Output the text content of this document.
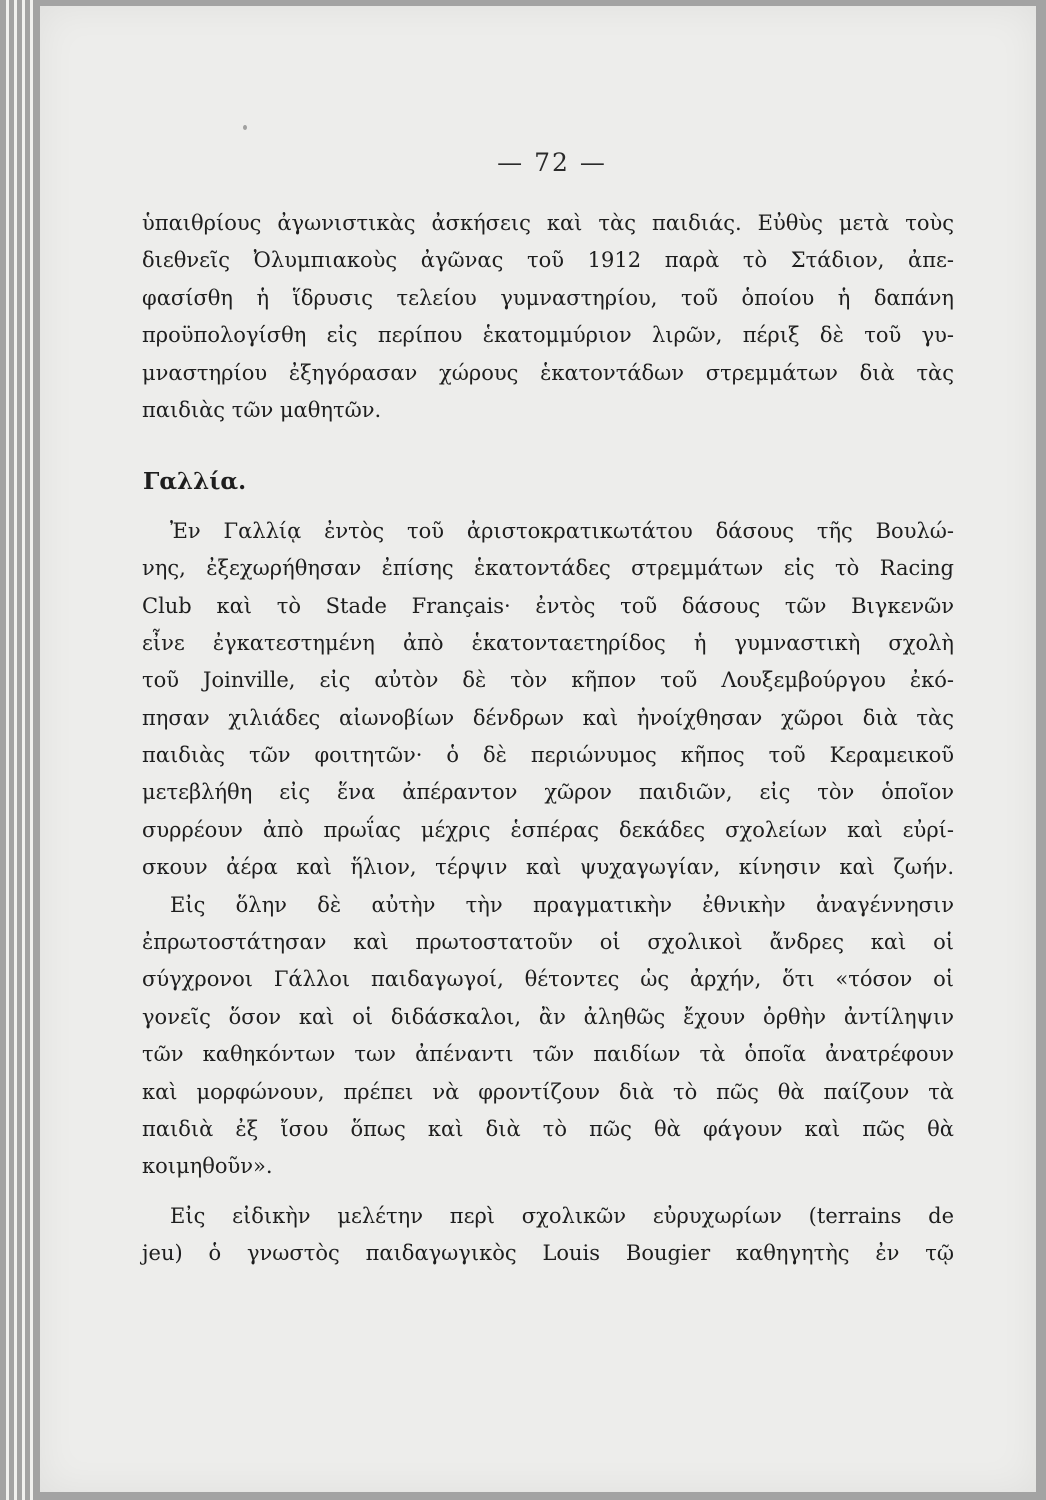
— 72 —
ὑπαιθρίους ἀγωνιστικὰς ἀσκήσεις καὶ τὰς παιδιάς. Εὐθὺς μετὰ τοὺς
διεθνεῖς Ὀλυμπιακοὺς ἀγῶνας τοῦ 1912 παρὰ τὸ Στάδιον, ἀπε-
φασίσθη ἡ ἵδρυσις τελείου γυμναστηρίου, τοῦ ὁποίου ἡ δαπάνη
προϋπολογίσθη εἰς περίπου ἑκατομμύριον λιρῶν, πέριξ δὲ τοῦ γυ-
μναστηρίου ἐξηγόρασαν χώρους ἑκατοντάδων στρεμμάτων διὰ τὰς
παιδιὰς τῶν μαθητῶν.
Γαλλία.
Ἐν Γαλλίᾳ ἐντὸς τοῦ ἀριστοκρατικωτάτου δάσους τῆς Βουλώ-
νης, ἐξεχωρήθησαν ἐπίσης ἑκατοντάδες στρεμμάτων εἰς τὸ Racing
Club καὶ τὸ Stade Français· ἐντὸς τοῦ δάσους τῶν Βιγκενῶν
εἶνε ἐγκατεστημένη ἀπὸ ἑκατονταετηρίδος ἡ γυμναστικὴ σχολὴ
τοῦ Joinville, εἰς αὐτὸν δὲ τὸν κῆπον τοῦ Λουξεμβούργου ἐκό-
πησαν χιλιάδες αἰωνοβίων δένδρων καὶ ἠνοίχθησαν χῶροι διὰ τὰς
παιδιὰς τῶν φοιτητῶν· ὁ δὲ περιώνυμος κῆπος τοῦ Κεραμεικοῦ
μετεβλήθη εἰς ἕνα ἀπέραντον χῶρον παιδιῶν, εἰς τὸν ὁποῖον
συρρέουν ἀπὸ πρωΐας μέχρις ἑσπέρας δεκάδες σχολείων καὶ εὐρί-
σκουν ἀέρα καὶ ἥλιον, τέρψιν καὶ ψυχαγωγίαν, κίνησιν καὶ ζωήν.
Εἰς ὅλην δὲ αὐτὴν τὴν πραγματικὴν ἐθνικὴν ἀναγέννησιν
ἐπρωτοστάτησαν καὶ πρωτοστατοῦν οἱ σχολικοὶ ἄνδρες καὶ οἱ
σύγχρονοι Γάλλοι παιδαγωγοί, θέτοντες ὡς ἀρχήν, ὅτι «τόσον οἱ
γονεῖς ὅσον καὶ οἱ διδάσκαλοι, ἂν ἀληθῶς ἔχουν ὀρθὴν ἀντίληψιν
τῶν καθηκόντων των ἀπέναντι τῶν παιδίων τὰ ὁποῖα ἀνατρέφουν
καὶ μορφώνουν, πρέπει νὰ φροντίζουν διὰ τὸ πῶς θὰ παίζουν τὰ
παιδιὰ ἐξ ἴσου ὅπως καὶ διὰ τὸ πῶς θὰ φάγουν καὶ πῶς θὰ
κοιμηθοῦν».
Εἰς εἰδικὴν μελέτην περὶ σχολικῶν εὐρυχωρίων (terrains de
jeu) ὁ γνωστὸς παιδαγωγικὸς Louis Bougier καθηγητὴς ἐν τῷ
